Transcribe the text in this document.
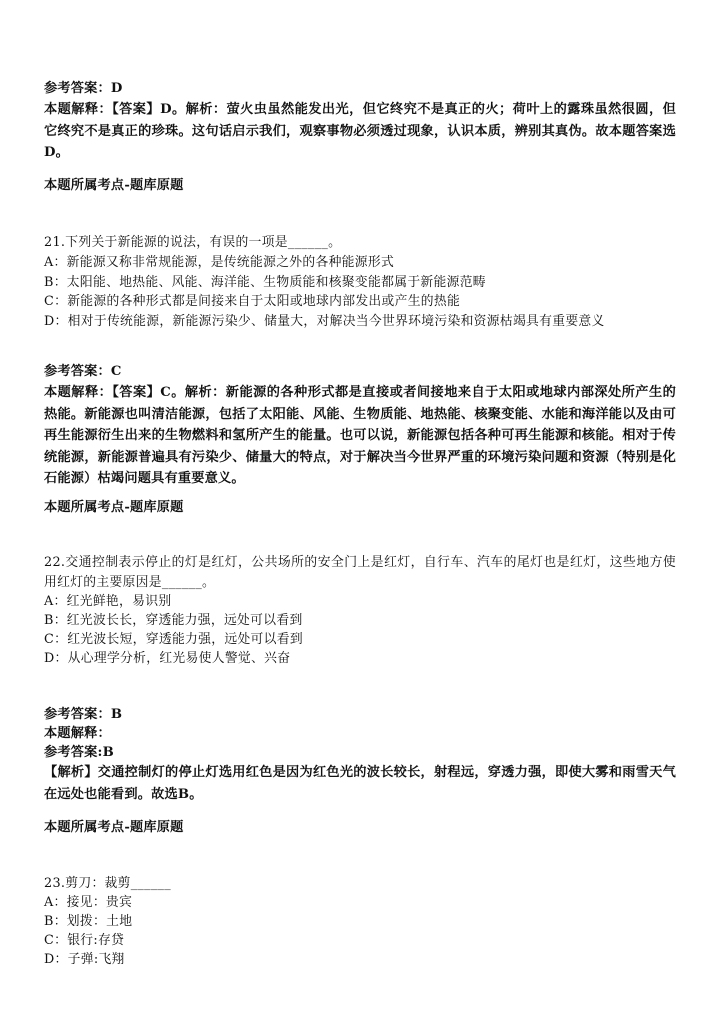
参考答案：D
本题解释：【答案】D。解析：萤火虫虽然能发出光，但它终究不是真正的火；荷叶上的露珠虽然很圆，但它终究不是真正的珍珠。这句话启示我们，观察事物必须透过现象，认识本质，辨别其真伪。故本题答案选D。
本题所属考点-题库原题
21.下列关于新能源的说法，有误的一项是______。
A：新能源又称非常规能源，是传统能源之外的各种能源形式
B：太阳能、地热能、风能、海洋能、生物质能和核聚变能都属于新能源范畴
C：新能源的各种形式都是间接来自于太阳或地球内部发出或产生的热能
D：相对于传统能源，新能源污染少、储量大，对解决当今世界环境污染和资源枯竭具有重要意义
参考答案：C
本题解释：【答案】C。解析：新能源的各种形式都是直接或者间接地来自于太阳或地球内部深处所产生的热能。新能源也叫清洁能源，包括了太阳能、风能、生物质能、地热能、核聚变能、水能和海洋能以及由可再生能源衍生出来的生物燃料和氢所产生的能量。也可以说，新能源包括各种可再生能源和核能。相对于传统能源，新能源普遍具有污染少、储量大的特点，对于解决当今世界严重的环境污染问题和资源（特别是化石能源）枯竭问题具有重要意义。
本题所属考点-题库原题
22.交通控制表示停止的灯是红灯，公共场所的安全门上是红灯，自行车、汽车的尾灯也是红灯，这些地方使用红灯的主要原因是______。
A：红光鲜艳，易识别
B：红光波长长，穿透能力强，远处可以看到
C：红光波长短，穿透能力强，远处可以看到
D：从心理学分析，红光易使人警觉、兴奋
参考答案：B
本题解释：
参考答案:B
【解析】交通控制灯的停止灯选用红色是因为红色光的波长较长，射程远，穿透力强，即使大雾和雨雪天气在远处也能看到。故选B。
本题所属考点-题库原题
23.剪刀：裁剪______
A：接见：贵宾
B：划拨：土地
C：银行:存贷
D：子弹:飞翔
